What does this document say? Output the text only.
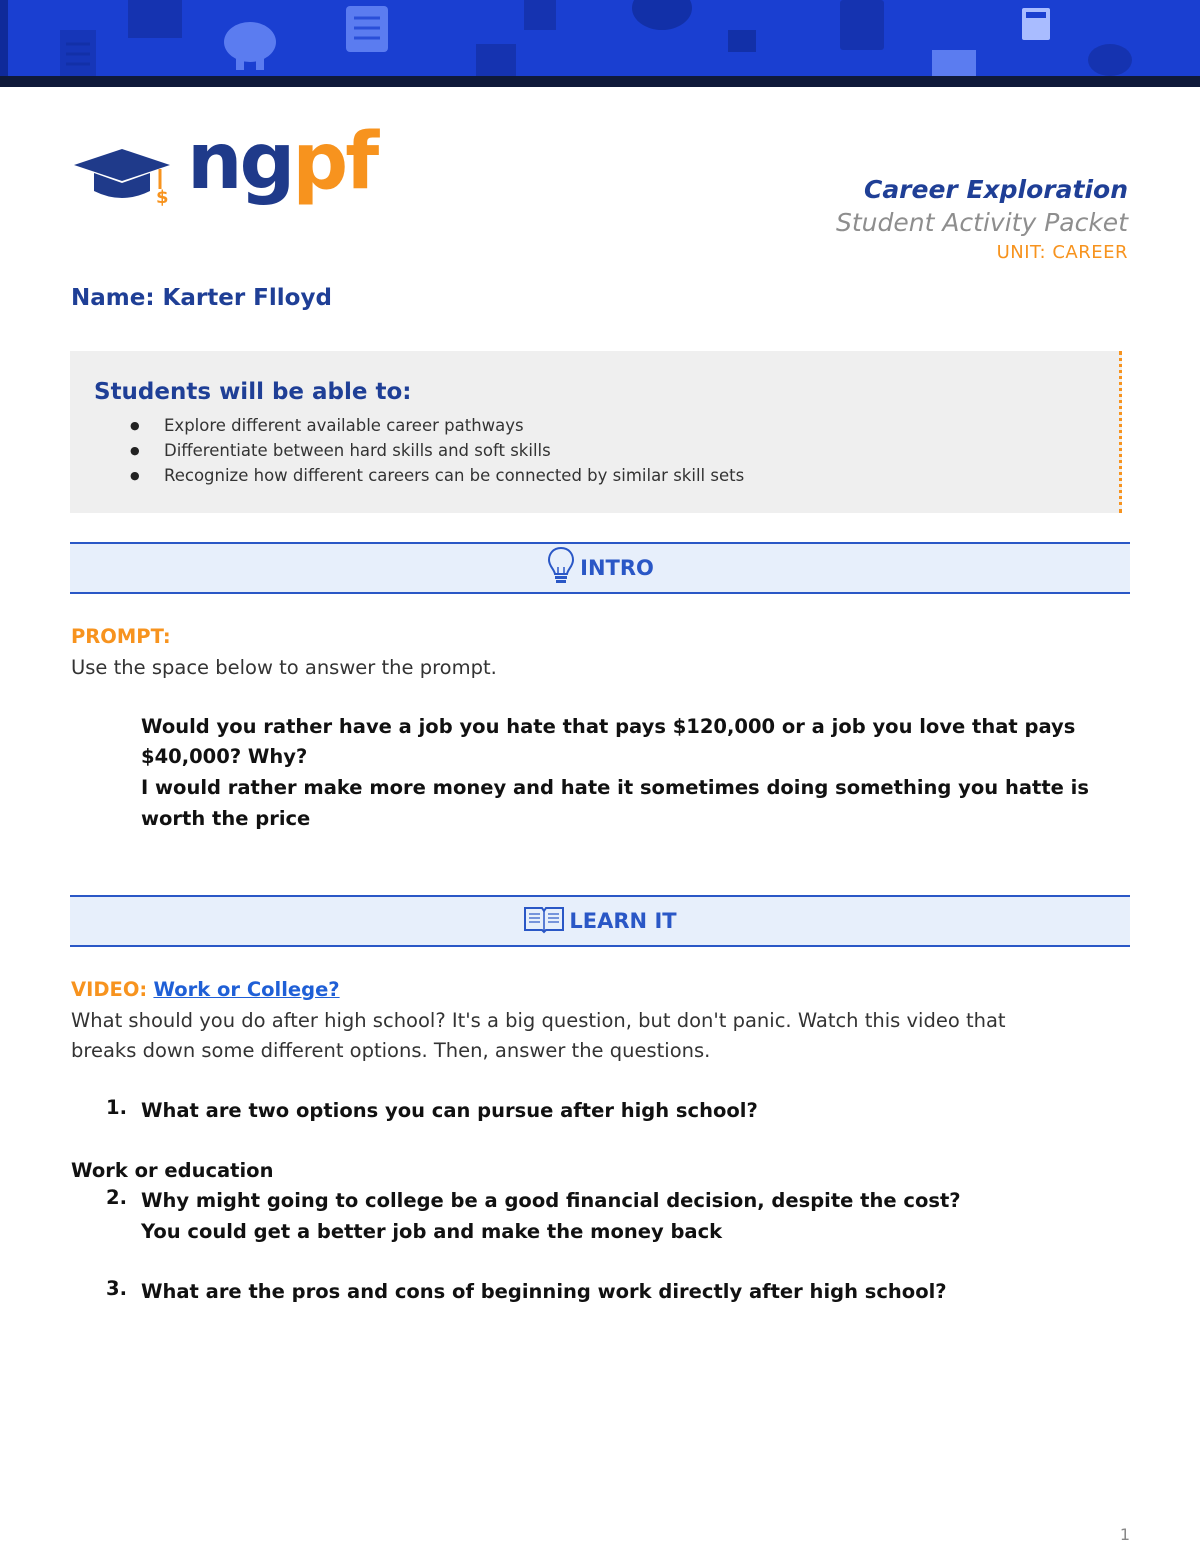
$ ngpf	Career Exploration
Student Activity Packet
UNIT: CAREER
Name: Karter Flloyd
Students will be able to:
● Explore different available career pathways
● Differentiate between hard skills and soft skills
● Recognize how different careers can be connected by similar skill sets
INTRO
PROMPT:
Use the space below to answer the prompt.
Would you rather have a job you hate that pays $120,000 or a job you love that pays
$40,000? Why?
I would rather make more money and hate it sometimes doing something you hatte is
worth the price
LEARN IT
VIDEO: Work or College?
What should you do after high school? It's a big question, but don't panic. Watch this video that
breaks down some different options. Then, answer the questions.
1. What are two options you can pursue after high school?
Work or education
2. Why might going to college be a good financial decision, despite the cost?
You could get a better job and make the money back
3. What are the pros and cons of beginning work directly after high school?
1
